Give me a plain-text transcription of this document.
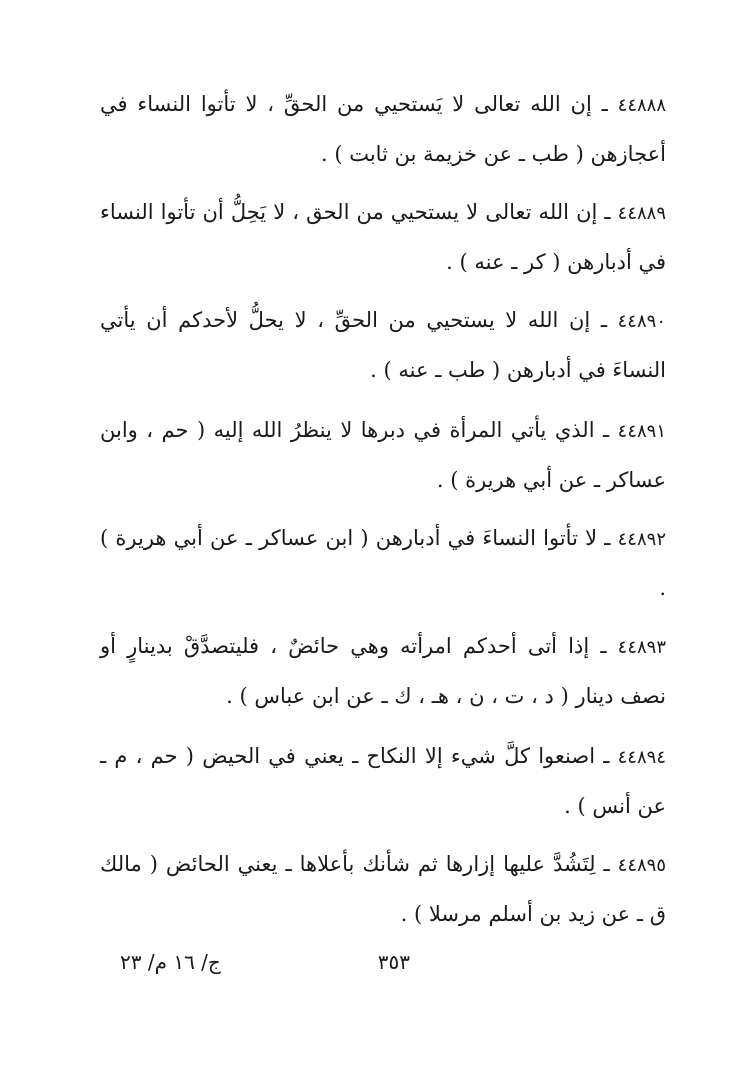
٤٤٨٨٨ ـ إن الله تعالى لا يَستحيي من الحقِّ ، لا تأتوا النساء في أعجازهن ( طب ـ عن خزيمة بن ثابت ) .
٤٤٨٨٩ ـ إن الله تعالى لا يستحيي من الحق ، لا يَحِلُّ أن تأتوا النساء في أدبارهن ( كر ـ عنه ) .
٤٤٨٩٠ ـ إن الله لا يستحيي من الحقِّ ، لا يحلُّ لأحدكم أن يأتي النساءَ في أدبارهن ( طب ـ عنه ) .
٤٤٨٩١ ـ الذي يأتي المرأة في دبرها لا ينظرُ الله إليه ( حم ، وابن عساكر ـ عن أبي هريرة ) .
٤٤٨٩٢ ـ لا تأتوا النساءَ في أدبارهن ( ابن عساكر ـ عن أبي هريرة ) .
٤٤٨٩٣ ـ إذا أتى أحدكم امرأته وهي حائضٌ ، فليتصدَّقْ بدينارٍ أو نصف دينار ( د ، ت ، ن ، هـ ، ك ـ عن ابن عباس ) .
٤٤٨٩٤ ـ اصنعوا كلَّ شيء إلا النكاح ـ يعني في الحيض ( حم ، م ـ عن أنس ) .
٤٤٨٩٥ ـ لِتَشُدَّ عليها إزارها ثم شأنك بأعلاها ـ يعني الحائض ( مالك ق ـ عن زيد بن أسلم مرسلا ) .
٣٥٣
ج/ ١٦ م/ ٢٣
